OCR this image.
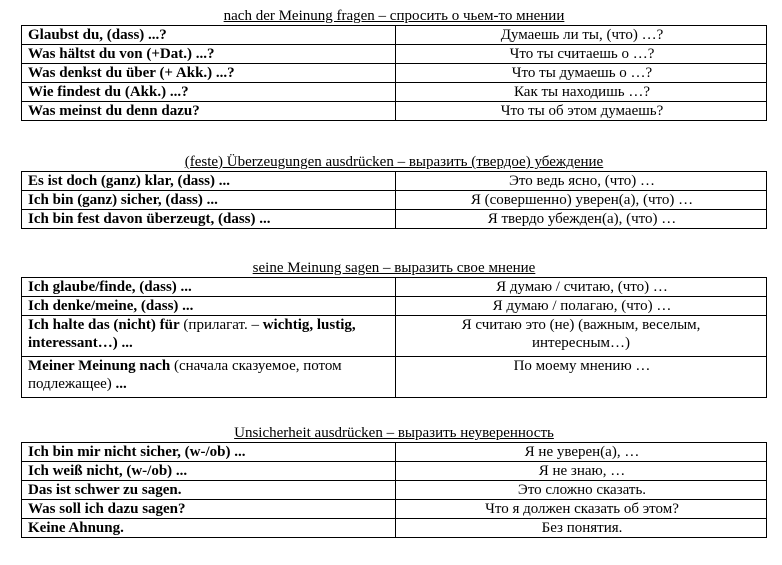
nach der Meinung fragen – спросить о чьем-то мнении
Glaubst du, (dass) ...?	Думаешь ли ты, (что) …?
Was hältst du von (+Dat.) ...?	Что ты считаешь о …?
Was denkst du über (+ Akk.) ...?	Что ты думаешь о …?
Wie findest du (Akk.) ...?	Как ты находишь …?
Was meinst du denn dazu?	Что ты об этом думаешь?
(feste) Überzeugungen ausdrücken – выразить (твердое) убеждение
Es ist doch (ganz) klar, (dass) ...	Это ведь ясно, (что) …
Ich bin (ganz) sicher, (dass) ...	Я (совершенно) уверен(а), (что) …
Ich bin fest davon überzeugt, (dass) ...	Я твердо убежден(а), (что) …
seine Meinung sagen – выразить свое мнение
Ich glaube/finde, (dass) ...	Я думаю / считаю, (что) …
Ich denke/meine, (dass) ...	Я думаю / полагаю, (что) …
Ich halte das (nicht) für (прилагат. – wichtig, lustig, interessant…) ...	Я считаю это (не) (важным, веселым, интересным…)
Meiner Meinung nach (сначала сказуемое, потом подлежащее) ...	По моему мнению …
Unsicherheit ausdrücken – выразить неуверенность
Ich bin mir nicht sicher, (w-/ob) ...	Я не уверен(а), …
Ich weiß nicht, (w-/ob) ...	Я не знаю, …
Das ist schwer zu sagen.	Это сложно сказать.
Was soll ich dazu sagen?	Что я должен сказать об этом?
Keine Ahnung.	Без понятия.
